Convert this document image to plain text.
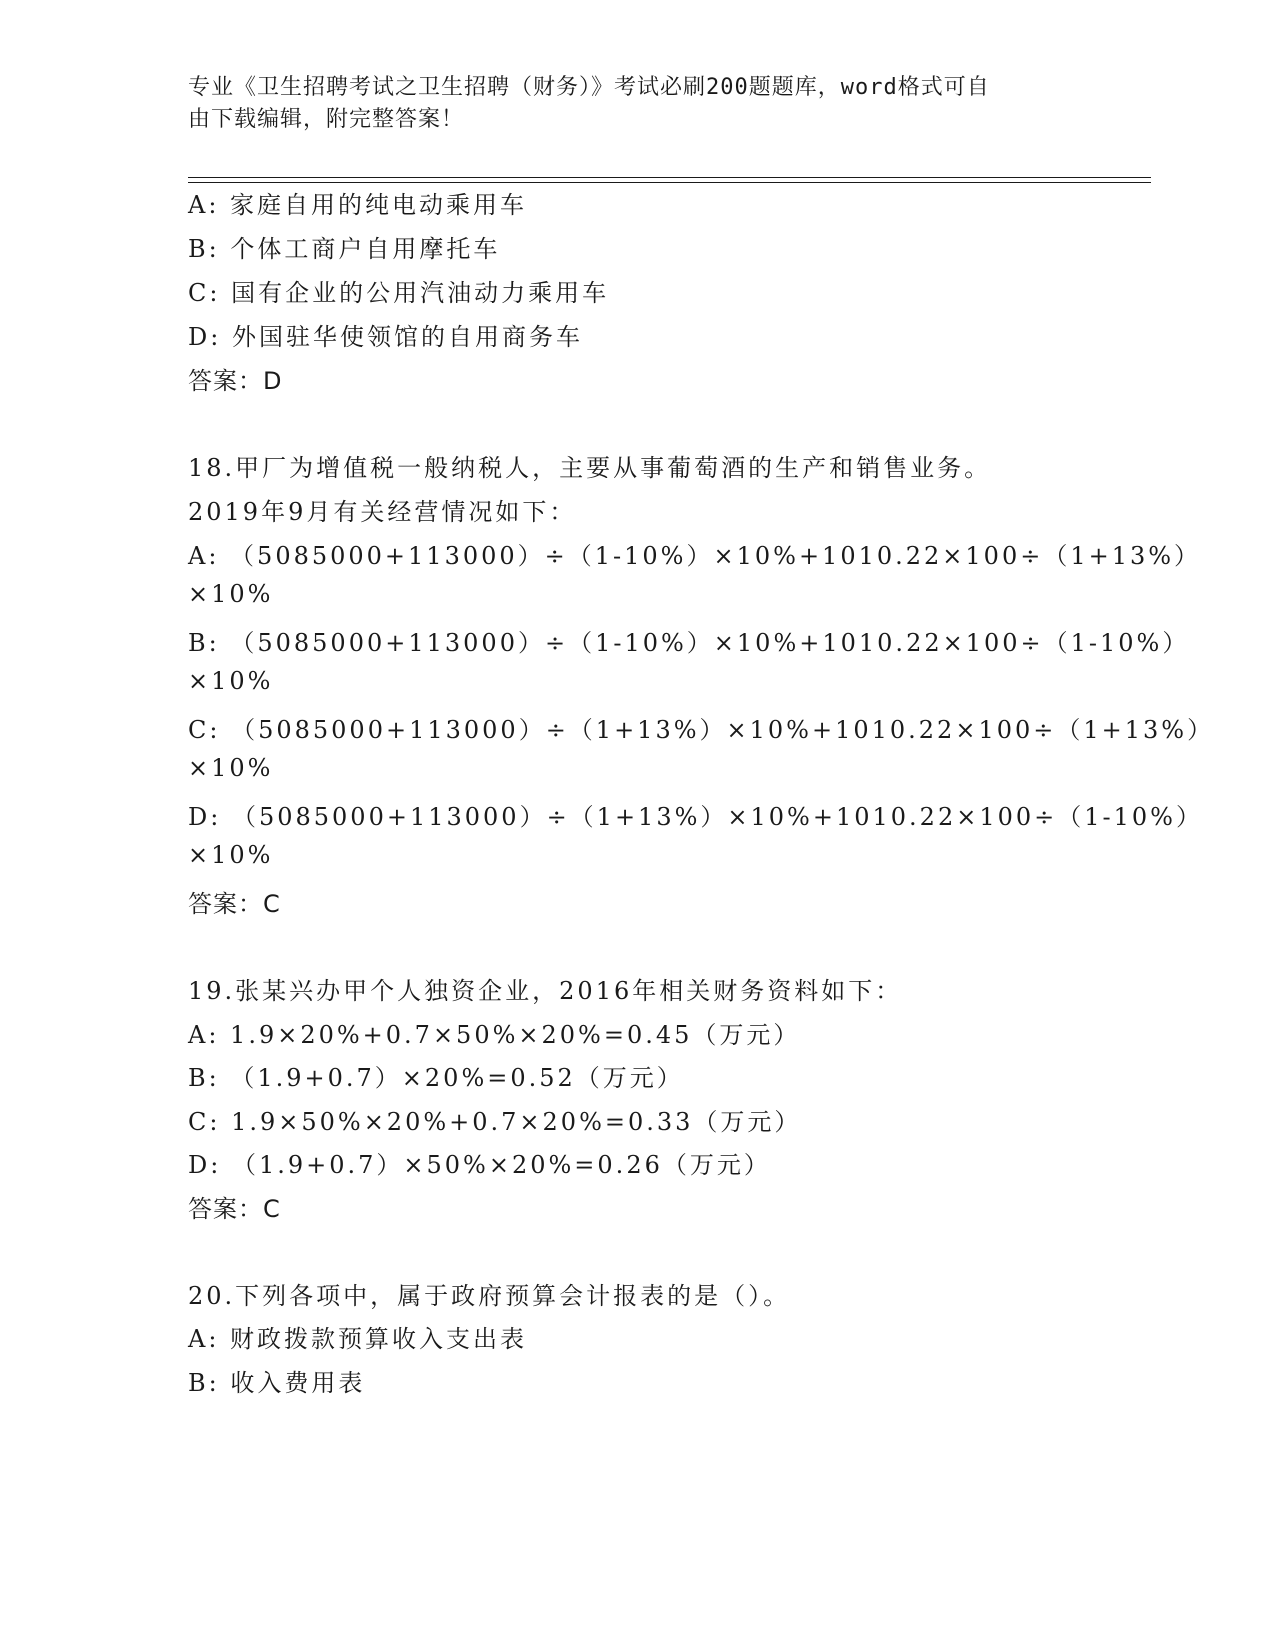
专业《卫生招聘考试之卫生招聘（财务）》考试必刷200题题库，word格式可自
由下载编辑，附完整答案！
A: 家庭自用的纯电动乘用车
B: 个体工商户自用摩托车
C: 国有企业的公用汽油动力乘用车
D: 外国驻华使领馆的自用商务车
答案：D
18.甲厂为增值税一般纳税人，主要从事葡萄酒的生产和销售业务。
2019年9月有关经营情况如下：
A: （5085000+113000）÷（1-10%）×10%+1010.22×100÷（1+13%）
×10%
B: （5085000+113000）÷（1-10%）×10%+1010.22×100÷（1-10%）
×10%
C: （5085000+113000）÷（1+13%）×10%+1010.22×100÷（1+13%）
×10%
D: （5085000+113000）÷（1+13%）×10%+1010.22×100÷（1-10%）
×10%
答案：C
19.张某兴办甲个人独资企业，2016年相关财务资料如下：
A: 1.9×20%+0.7×50%×20%=0.45（万元）
B: （1.9+0.7）×20%=0.52（万元）
C: 1.9×50%×20%+0.7×20%=0.33（万元）
D: （1.9+0.7）×50%×20%=0.26（万元）
答案：C
20.下列各项中，属于政府预算会计报表的是（）。
A: 财政拨款预算收入支出表
B: 收入费用表
